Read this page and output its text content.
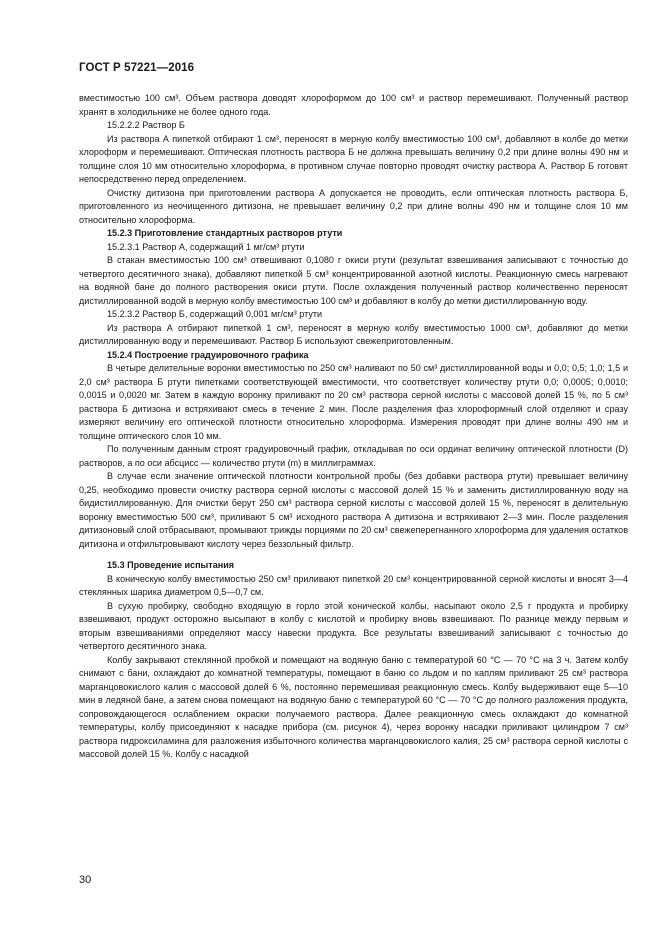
ГОСТ Р 57221—2016

вместимостью 100 см³. Объем раствора доводят хлороформом до 100 см³ и раствор перемешивают. Полученный раствор хранят в холодильнике не более одного года.

15.2.2.2 Раствор Б

Из раствора А пипеткой отбирают 1 см³, переносят в мерную колбу вместимостью 100 см³, добавляют в колбе до метки хлороформ и перемешивают. Оптическая плотность раствора Б не должна превышать величину 0,2 при длине волны 490 нм и толщине слоя 10 мм относительно хлороформа, в противном случае повторно проводят очистку раствора А. Раствор Б готовят непосредственно перед определением.

Очистку дитизона при приготовлении раствора А допускается не проводить, если оптическая плотность раствора Б, приготовленного из неочищенного дитизона, не превышает величину 0,2 при длине волны 490 нм и толщине слоя 10 мм относительно хлороформа.

15.2.3 Приготовление стандартных растворов ртути

15.2.3.1 Раствор А, содержащий 1 мг/см³ ртути

В стакан вместимостью 100 см³ отвешивают 0,1080 г окиси ртути (результат взвешивания записывают с точностью до четвертого десятичного знака), добавляют пипеткой 5 см³ концентрированной азотной кислоты. Реакционную смесь нагревают на водяной бане до полного растворения окиси ртути. После охлаждения полученный раствор количественно переносят дистиллированной водой в мерную колбу вместимостью 100 см³ и добавляют в колбу до метки дистиллированную воду.

15.2.3.2 Раствор Б, содержащий 0,001 мг/см³ ртути

Из раствора А отбирают пипеткой 1 см³, переносят в мерную колбу вместимостью 1000 см³, добавляют до метки дистиллированную воду и перемешивают. Раствор Б используют свежеприготовленным.

15.2.4 Построение градуировочного графика

В четыре делительные воронки вместимостью по 250 см³ наливают по 50 см³ дистиллированной воды и 0,0; 0,5; 1,0; 1,5 и 2,0 см³ раствора Б ртути пипетками соответствующей вместимости, что соответствует количеству ртути 0,0; 0,0005; 0,0010; 0,0015 и 0,0020 мг. Затем в каждую воронку приливают по 20 см³ раствора серной кислоты с массовой долей 15 %, по 5 см³ раствора Б дитизона и встряхивают смесь в течение 2 мин. После разделения фаз хлороформный слой отделяют и сразу измеряют величину его оптической плотности относительно хлороформа. Измерения проводят при длине волны 490 нм и толщине оптического слоя 10 мм.

По полученным данным строят градуировочный график, откладывая по оси ординат величину оптической плотности (D) растворов, а по оси абсцисс — количество ртути (m) в миллиграммах.

В случае если значение оптической плотности контрольной пробы (без добавки раствора ртути) превышает величину 0,25, необходимо провести очистку раствора серной кислоты с массовой долей 15 % и заменить дистиллированную воду на бидистиллированную. Для очистки берут 250 см³ раствора серной кислоты с массовой долей 15 %, переносят в делительную воронку вместимостью 500 см³, приливают 5 см³ исходного раствора А дитизона и встряхивают 2—3 мин. После разделения дитизоновый слой отбрасывают, промывают трижды порциями по 20 см³ свежеперегнанного хлороформа для удаления остатков дитизона и отфильтровывают кислоту через беззольный фильтр.

15.3 Проведение испытания

В коническую колбу вместимостью 250 см³ приливают пипеткой 20 см³ концентрированной серной кислоты и вносят 3—4 стеклянных шарика диаметром 0,5—0,7 см.

В сухую пробирку, свободно входящую в горло этой конической колбы, насыпают около 2,5 г продукта и пробирку взвешивают, продукт осторожно высыпают в колбу с кислотой и пробирку вновь взвешивают. По разнице между первым и вторым взвешиваниями определяют массу навески продукта. Все результаты взвешиваний записывают с точностью до четвертого десятичного знака.

Колбу закрывают стеклянной пробкой и помещают на водяную баню с температурой 60 °С — 70 °С на 3 ч. Затем колбу снимают с бани, охлаждают до комнатной температуры, помещают в баню со льдом и по каплям приливают 25 см³ раствора марганцовокислого калия с массовой долей 6 %, постоянно перемешивая реакционную смесь. Колбу выдерживают еще 5—10 мин в ледяной бане, а затем снова помещают на водяную баню с температурой 60 °С — 70 °С до полного разложения продукта, сопровождающегося ослаблением окраски получаемого раствора. Далее реакционную смесь охлаждают до комнатной температуры, колбу присоединяют к насадке прибора (см. рисунок 4), через воронку насадки приливают цилиндром 7 см³ раствора гидроксиламина для разложения избыточного количества марганцовокислого калия, 25 см³ раствора серной кислоты с массовой долей 15 %. Колбу с насадкой

30
